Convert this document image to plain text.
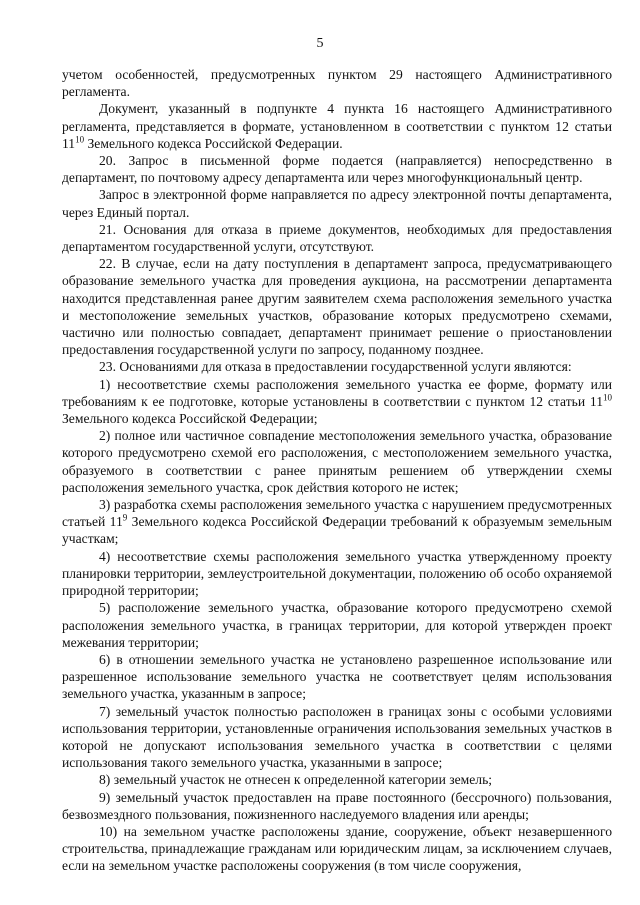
5

учетом особенностей, предусмотренных пунктом 29 настоящего Административного регламента.

Документ, указанный в подпункте 4 пункта 16 настоящего Административного регламента, представляется в формате, установленном в соответствии с пунктом 12 статьи $11^{10}$ Земельного кодекса Российской Федерации.

20. Запрос в письменной форме подается (направляется) непосредственно в департамент, по почтовому адресу департамента или через многофункциональный центр.

Запрос в электронной форме направляется по адресу электронной почты департамента, через Единый портал.

21. Основания для отказа в приеме документов, необходимых для предоставления департаментом государственной услуги, отсутствуют.

22. В случае, если на дату поступления в департамент запроса, предусматривающего образование земельного участка для проведения аукциона, на рассмотрении департамента находится представленная ранее другим заявителем схема расположения земельного участка и местоположение земельных участков, образование которых предусмотрено схемами, частично или полностью совпадает, департамент принимает решение о приостановлении предоставления государственной услуги по запросу, поданному позднее.

23. Основаниями для отказа в предоставлении государственной услуги являются:

1) несоответствие схемы расположения земельного участка ее форме, формату или требованиям к ее подготовке, которые установлены в соответствии с пунктом 12 статьи $11^{10}$ Земельного кодекса Российской Федерации;

2) полное или частичное совпадение местоположения земельного участка, образование которого предусмотрено схемой его расположения, с местоположением земельного участка, образуемого в соответствии с ранее принятым решением об утверждении схемы расположения земельного участка, срок действия которого не истек;

3) разработка схемы расположения земельного участка с нарушением предусмотренных статьей $11^9$ Земельного кодекса Российской Федерации требований к образуемым земельным участкам;

4) несоответствие схемы расположения земельного участка утвержденному проекту планировки территории, землеустроительной документации, положению об особо охраняемой природной территории;

5) расположение земельного участка, образование которого предусмотрено схемой расположения земельного участка, в границах территории, для которой утвержден проект межевания территории;

6) в отношении земельного участка не установлено разрешенное использование или разрешенное использование земельного участка не соответствует целям использования земельного участка, указанным в запросе;

7) земельный участок полностью расположен в границах зоны с особыми условиями использования территории, установленные ограничения использования земельных участков в которой не допускают использования земельного участка в соответствии с целями использования такого земельного участка, указанными в запросе;

8) земельный участок не отнесен к определенной категории земель;

9) земельный участок предоставлен на праве постоянного (бессрочного) пользования, безвозмездного пользования, пожизненного наследуемого владения или аренды;

10) на земельном участке расположены здание, сооружение, объект незавершенного строительства, принадлежащие гражданам или юридическим лицам, за исключением случаев, если на земельном участке расположены сооружения (в том числе сооружения,
